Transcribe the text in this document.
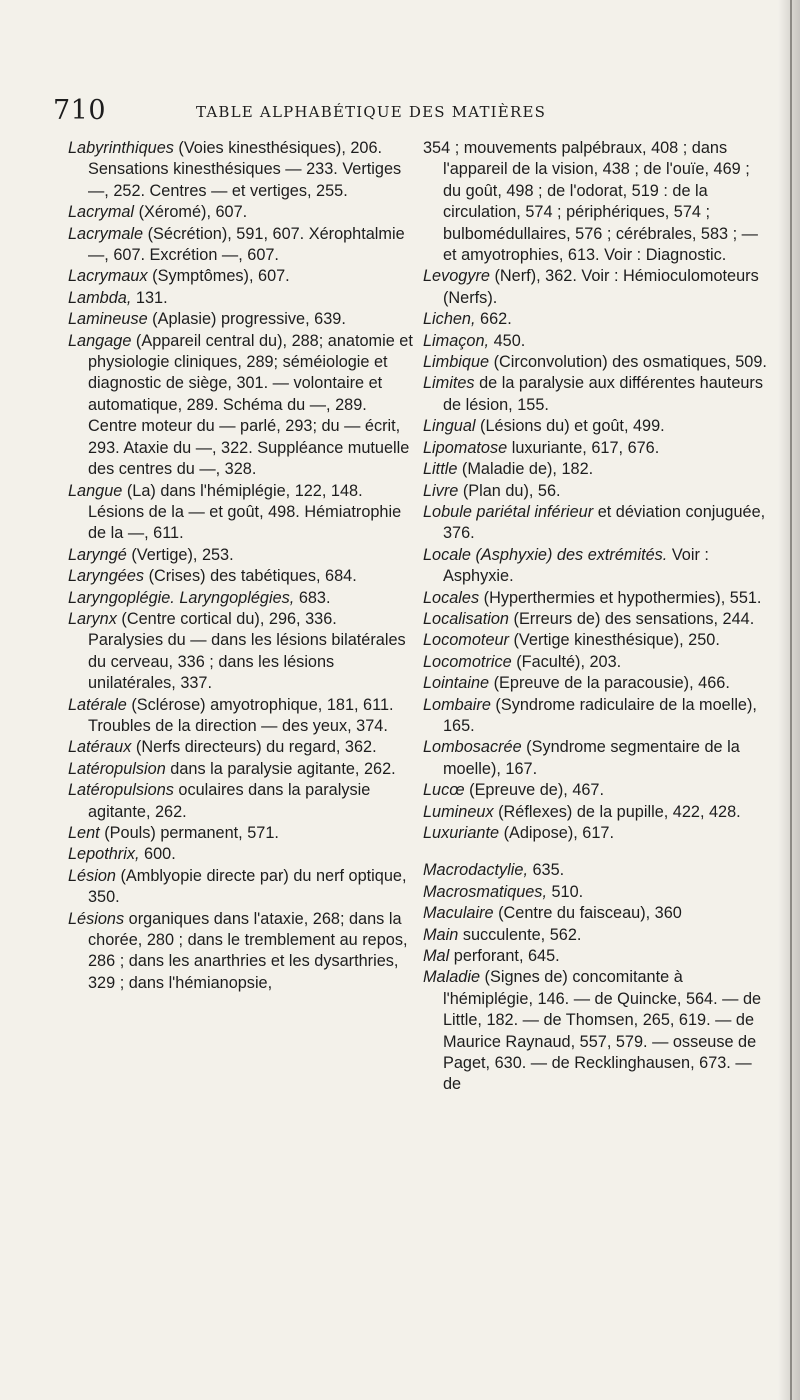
710	TABLE ALPHABÉTIQUE DES MATIÈRES

Labyrinthiques (Voies kinesthésiques), 206. Sensations kinesthésiques — 233. Vertiges —, 252. Centres — et vertiges, 255.

Lacrymal (Xéromé), 607.

Lacrymale (Sécrétion), 591, 607. Xérophtalmie —, 607. Excrétion —, 607.

Lacrymaux (Symptômes), 607.

Lambda, 131.

Lamineuse (Aplasie) progressive, 639.

Langage (Appareil central du), 288; anatomie et physiologie cliniques, 289; séméiologie et diagnostic de siège, 301. — volontaire et automatique, 289. Schéma du —, 289. Centre moteur du — parlé, 293; du — écrit, 293. Ataxie du —, 322. Suppléance mutuelle des centres du —, 328.

Langue (La) dans l'hémiplégie, 122, 148. Lésions de la — et goût, 498. Hémiatrophie de la —, 611.

Laryngé (Vertige), 253.

Laryngées (Crises) des tabétiques, 684.

Laryngoplégie. Laryngoplégies, 683.

Larynx (Centre cortical du), 296, 336. Paralysies du — dans les lésions bilatérales du cerveau, 336 ; dans les lésions unilatérales, 337.

Latérale (Sclérose) amyotrophique, 181, 611. Troubles de la direction — des yeux, 374.

Latéraux (Nerfs directeurs) du regard, 362.

Latéropulsion dans la paralysie agitante, 262.

Latéropulsions oculaires dans la paralysie agitante, 262.

Lent (Pouls) permanent, 571.

Lepothrix, 600.

Lésion (Amblyopie directe par) du nerf optique, 350.

Lésions organiques dans l'ataxie, 268; dans la chorée, 280 ; dans le tremblement au repos, 286 ; dans les anarthries et les dysarthries, 329 ; dans l'hémianopsie,

354 ; mouvements palpébraux, 408 ; dans l'appareil de la vision, 438 ; de l'ouïe, 469 ; du goût, 498 ; de l'odorat, 519 : de la circulation, 574 ; périphériques, 574 ; bulbomédullaires, 576 ; cérébrales, 583 ; — et amyotrophies, 613. Voir : Diagnostic.

Levogyre (Nerf), 362. Voir : Hémioculomoteurs (Nerfs).

Lichen, 662.

Limaçon, 450.

Limbique (Circonvolution) des osmatiques, 509.

Limites de la paralysie aux différentes hauteurs de lésion, 155.

Lingual (Lésions du) et goût, 499.

Lipomatose luxuriante, 617, 676.

Little (Maladie de), 182.

Livre (Plan du), 56.

Lobule pariétal inférieur et déviation conjuguée, 376.

Locale (Asphyxie) des extrémités. Voir : Asphyxie.

Locales (Hyperthermies et hypothermies), 551.

Localisation (Erreurs de) des sensations, 244.

Locomoteur (Vertige kinesthésique), 250.

Locomotrice (Faculté), 203.

Lointaine (Epreuve de la paracousie), 466.

Lombaire (Syndrome radiculaire de la moelle), 165.

Lombosacrée (Syndrome segmentaire de la moelle), 167.

Lucœ (Epreuve de), 467.

Lumineux (Réflexes) de la pupille, 422, 428.

Luxuriante (Adipose), 617.

Macrodactylie, 635.

Macrosmatiques, 510.

Maculaire (Centre du faisceau), 360

Main succulente, 562.

Mal perforant, 645.

Maladie (Signes de) concomitante à l'hémiplégie, 146. — de Quincke, 564. — de Little, 182. — de Thomsen, 265, 619. — de Maurice Raynaud, 557, 579. — osseuse de Paget, 630. — de Recklinghausen, 673. — de
